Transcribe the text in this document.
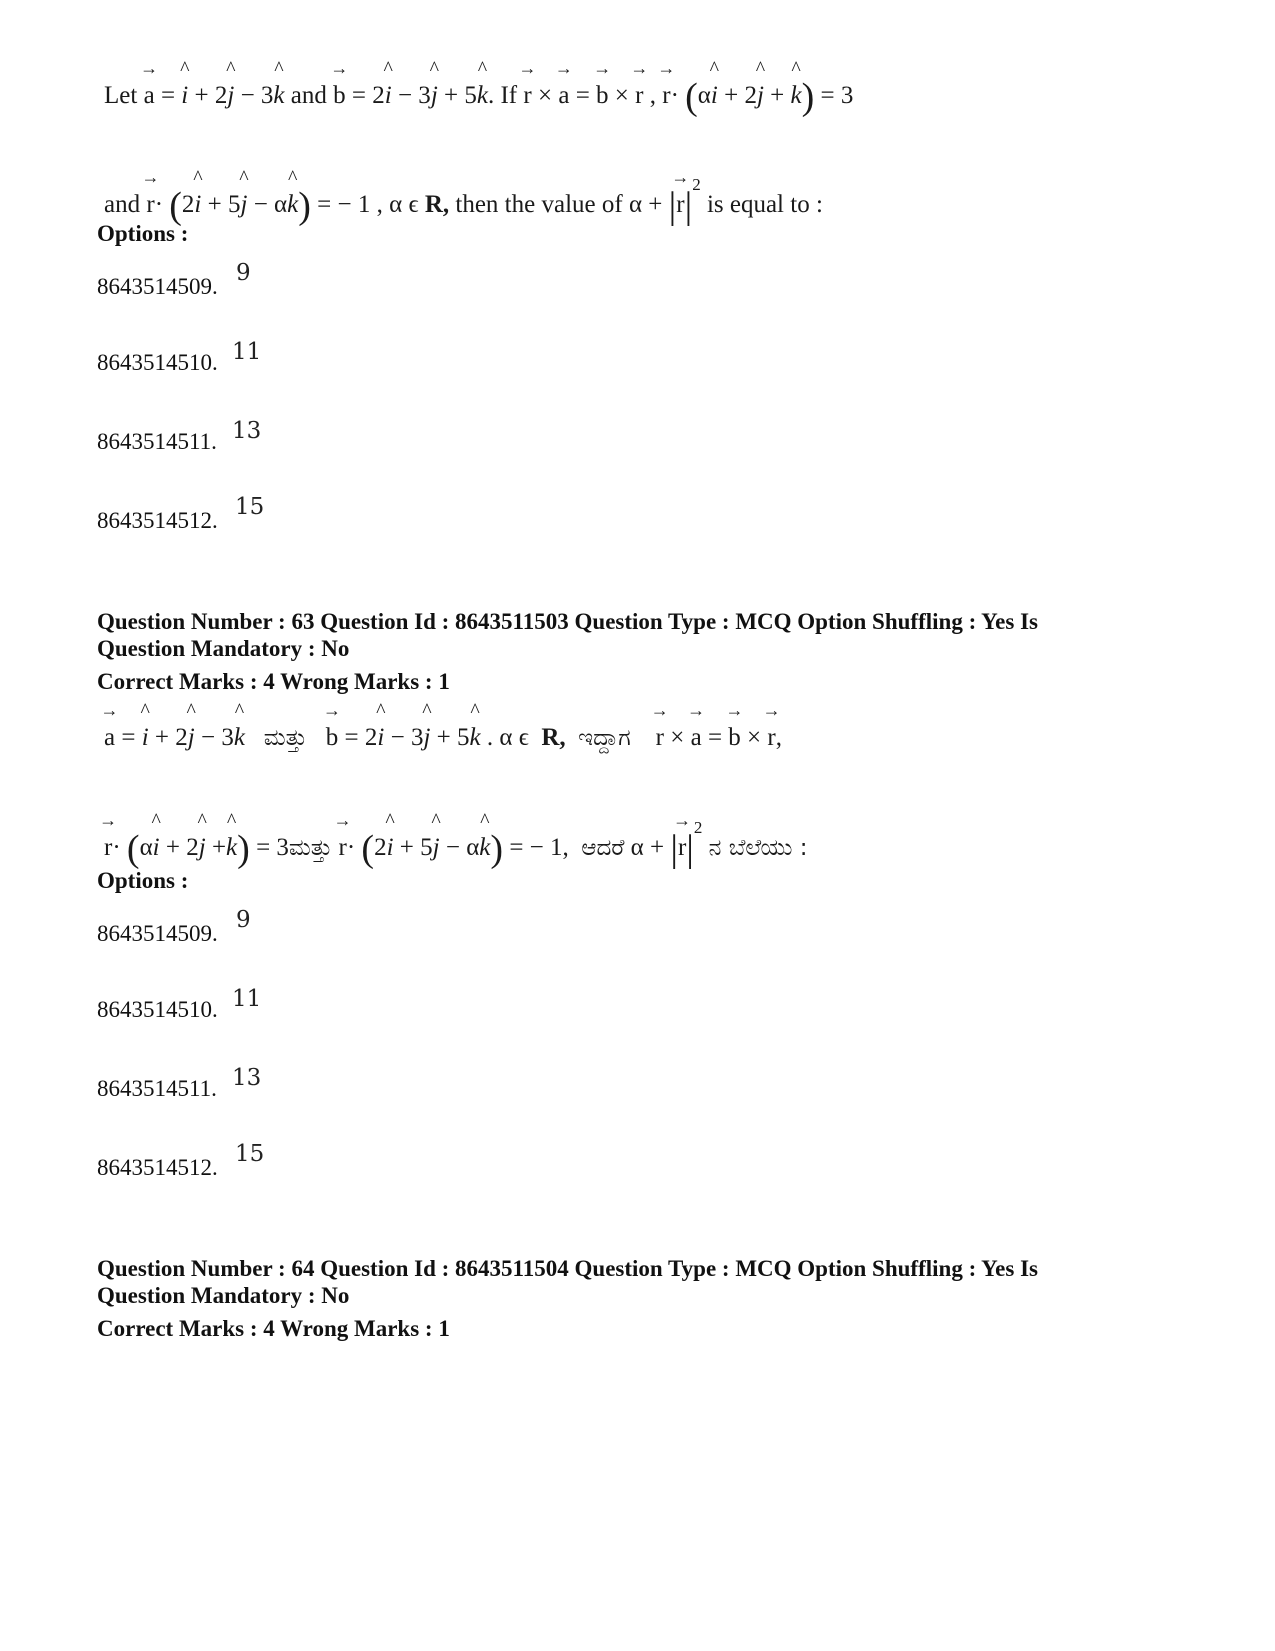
Let → a = ^ i + 2^ j − 3^ k and → b = 2^ i − 3^ j + 5^ k. If → r × → a = → b × → r , → r· (α^ i + 2^ j + ^ k) = 3
and → r· (2^ i + 5^ j − α^ k) = − 1 , α ϵ R, then the value of α + |→ $r|^2$ is equal to :
Options :
8643514509.
9
8643514510. 11
8643514511. 13
8643514512.
15
Question Number : 63 Question Id : 8643511503 Question Type : MCQ Option Shuffling : Yes Is
Question Mandatory : No
Correct Marks : 4 Wrong Marks : 1
→ a = ^ i + 2^ j − 3^ k ಮತ್ತು → b = 2^ i − 3^ j + 5^ k . α ϵ R, ಇದ್ದಾಗ → r × → a = → b × → r,
→ r· (α^ i + 2^ j +^ k) = 3ಮತ್ತು → r· (2^ i + 5^ j − α^ k) = − 1, ಆದರೆ α + |→ $r|^2$ ನ ಬೆಲೆಯು :
Options :
8643514509.
9
8643514510. 11
8643514511. 13
8643514512.
15
Question Number : 64 Question Id : 8643511504 Question Type : MCQ Option Shuffling : Yes Is
Question Mandatory : No
Correct Marks : 4 Wrong Marks : 1
